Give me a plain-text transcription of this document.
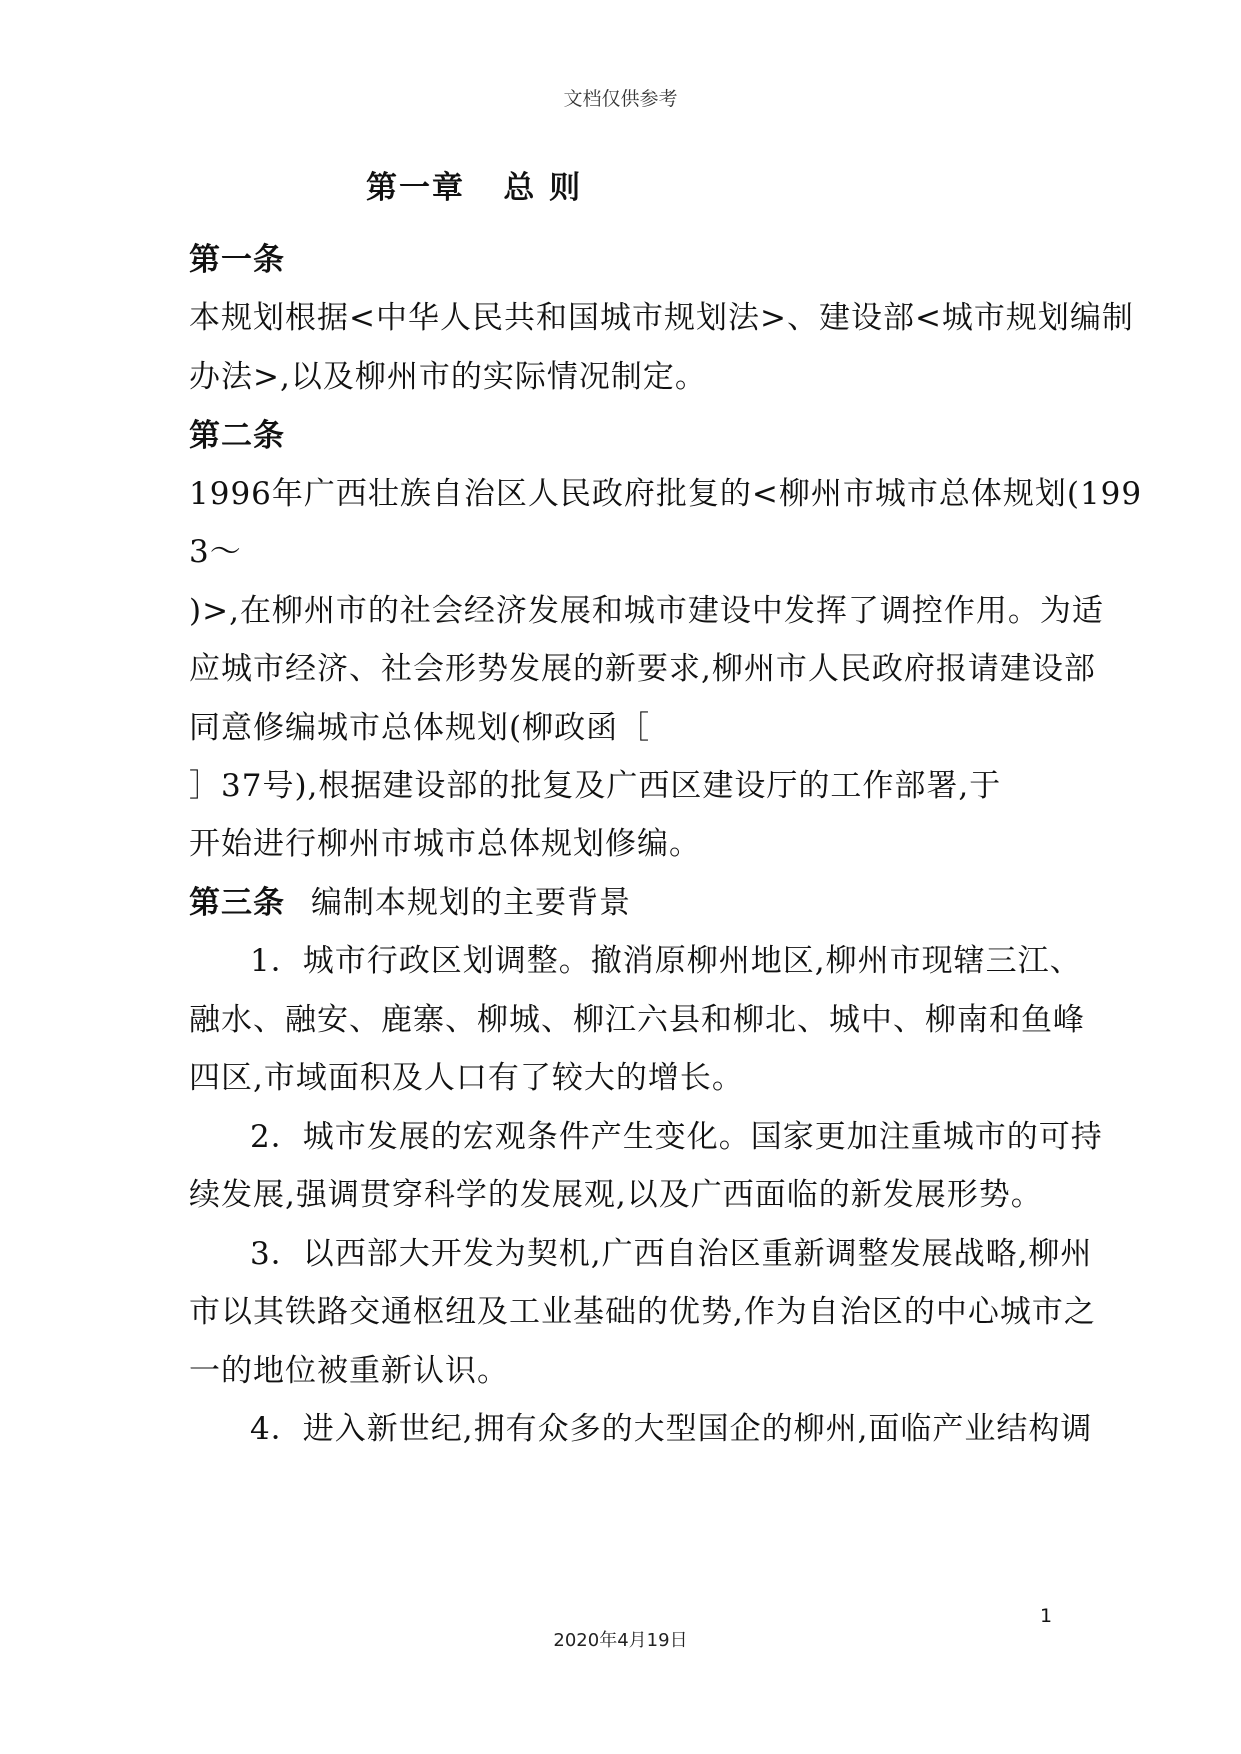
文档仅供参考
第一章   总 则
第一条
本规划根据<中华人民共和国城市规划法>、建设部<城市规划编制
办法>,以及柳州市的实际情况制定。
第二条
1996年广西壮族自治区人民政府批复的<柳州市城市总体规划(199
3～
)>,在柳州市的社会经济发展和城市建设中发挥了调控作用。为适
应城市经济、社会形势发展的新要求,柳州市人民政府报请建设部
同意修编城市总体规划(柳政函［
］37号),根据建设部的批复及广西区建设厅的工作部署,于
开始进行柳州市城市总体规划修编。
第三条 编制本规划的主要背景
1．城市行政区划调整。撤消原柳州地区,柳州市现辖三江、
融水、融安、鹿寨、柳城、柳江六县和柳北、城中、柳南和鱼峰
四区,市域面积及人口有了较大的增长。
2．城市发展的宏观条件产生变化。国家更加注重城市的可持
续发展,强调贯穿科学的发展观,以及广西面临的新发展形势。
3．以西部大开发为契机,广西自治区重新调整发展战略,柳州
市以其铁路交通枢纽及工业基础的优势,作为自治区的中心城市之
一的地位被重新认识。
4．进入新世纪,拥有众多的大型国企的柳州,面临产业结构调
1
2020年4月19日
